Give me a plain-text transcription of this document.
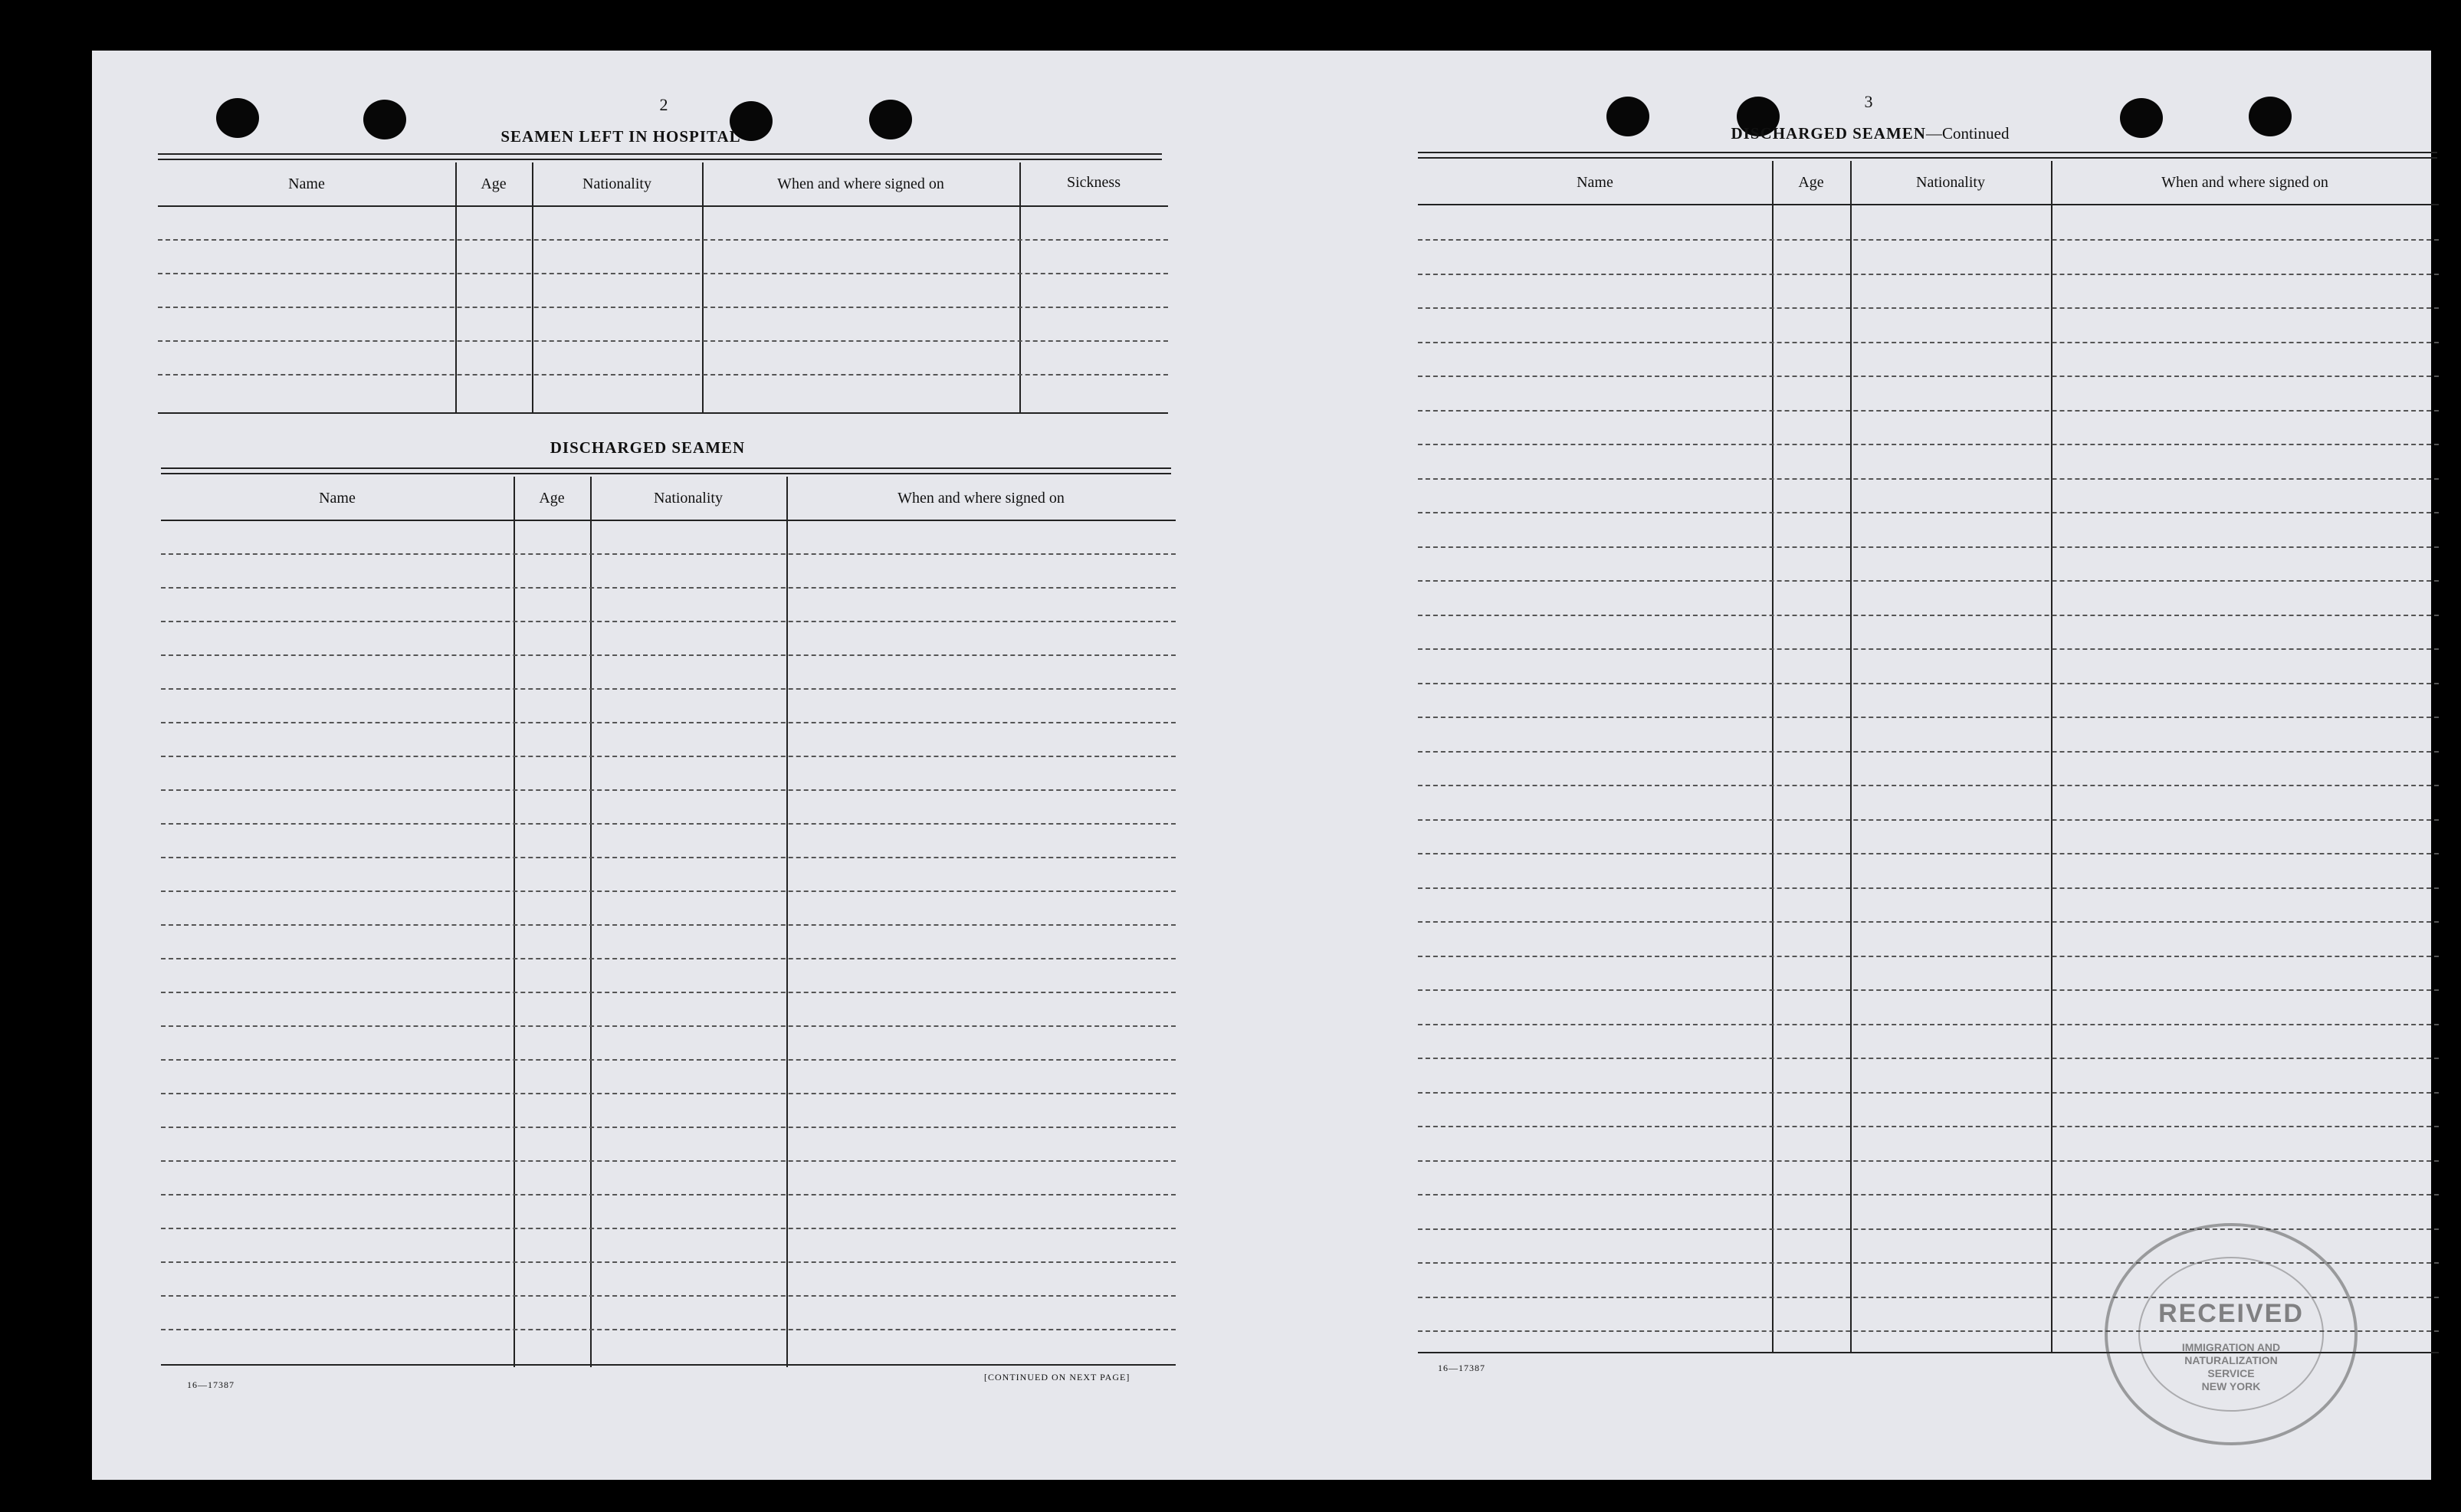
2
SEAMEN LEFT IN HOSPITAL
Name	Age	Nationality	When and where signed on	Sickness
DISCHARGED SEAMEN
Name	Age	Nationality	When and where signed on
16—17387
[CONTINUED ON NEXT PAGE]
3
DISCHARGED SEAMEN—Continued
Name	Age	Nationality	When and where signed on
16—17387
RECEIVED
IMMIGRATION AND
NATURALIZATION
SERVICE
NEW YORK
